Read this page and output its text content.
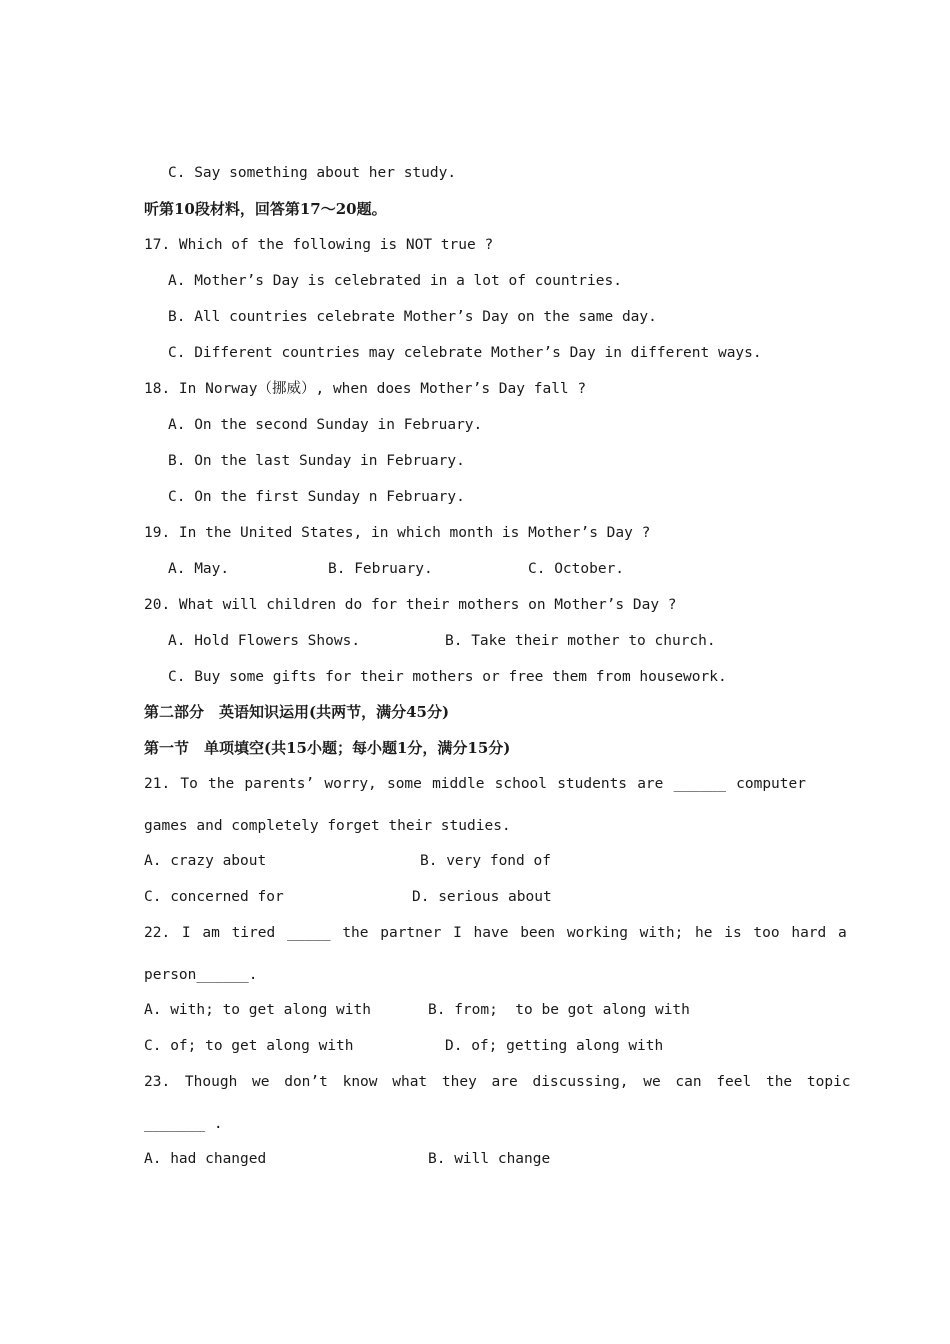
C. Say something about her study.
听第10段材料，回答第17～20题。
17. Which of the following is NOT true ?
A. Mother’s Day is celebrated in a lot of countries.
B. All countries celebrate Mother’s Day on the same day.
C. Different countries may celebrate Mother’s Day in different ways.
18. In Norway（挪威）, when does Mother’s Day fall ?
A. On the second Sunday in February.
B. On the last Sunday in February.
C. On the first Sunday n February.
19. In the United States, in which month is Mother’s Day ?
A. May.	B. February.	C. October.
20. What will children do for their mothers on Mother’s Day ?
A. Hold Flowers Shows.	B. Take their mother to church.
C. Buy some gifts for their mothers or free them from housework.
第二部分　英语知识运用(共两节，满分45分)
第一节　单项填空(共15小题；每小题1分，满分15分)
21. To the parents’ worry, some middle school students are ______ computer
games and completely forget their studies.
A. crazy about	B. very fond of
C. concerned for	D. serious about
22. I am tired _____ the partner I have been working with; he is too hard a
person______.
A. with; to get along with	B. from;  to be got along with
C. of; to get along with	D. of; getting along with
23. Though we don’t know what they are discussing, we can feel the topic
_______ .
A. had changed	B. will change
